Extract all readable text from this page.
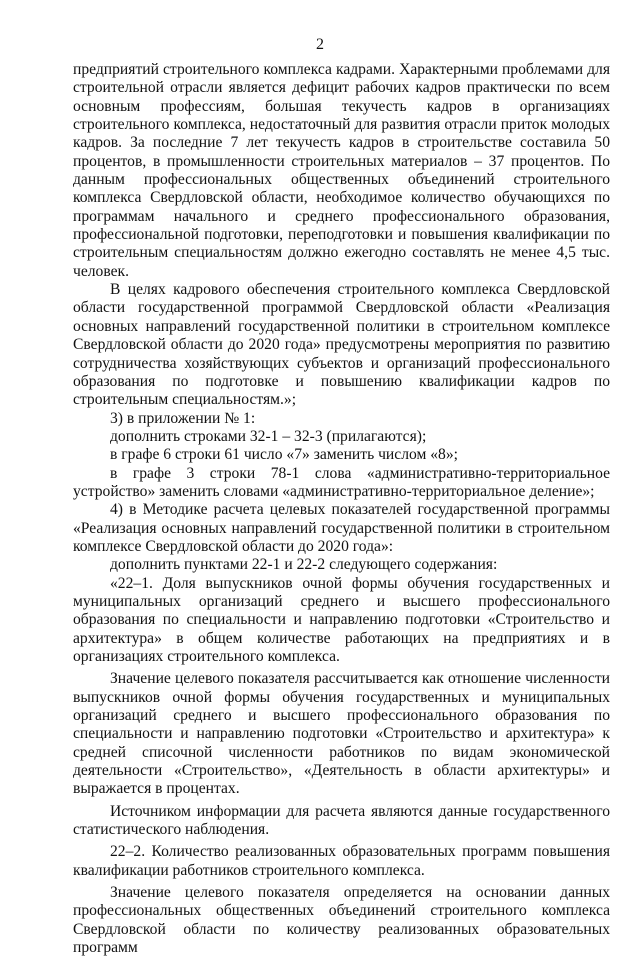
2

предприятий строительного комплекса кадрами. Характерными проблемами для строительной отрасли является дефицит рабочих кадров практически по всем основным профессиям, большая текучесть кадров в организациях строительного комплекса, недостаточный для развития отрасли приток молодых кадров. За последние 7 лет текучесть кадров в строительстве составила 50 процентов, в промышленности строительных материалов – 37 процентов. По данным профессиональных общественных объединений строительного комплекса Свердловской области, необходимое количество обучающихся по программам начального и среднего профессионального образования, профессиональной подготовки, переподготовки и повышения квалификации по строительным специальностям должно ежегодно составлять не менее 4,5 тыс. человек.

В целях кадрового обеспечения строительного комплекса Свердловской области государственной программой Свердловской области «Реализация основных направлений государственной политики в строительном комплексе Свердловской области до 2020 года» предусмотрены мероприятия по развитию сотрудничества хозяйствующих субъектов и организаций профессионального образования по подготовке и повышению квалификации кадров по строительным специальностям.»;

3) в приложении № 1:

дополнить строками 32-1 – 32-3 (прилагаются);

в графе 6 строки 61 число «7» заменить числом «8»;

в графе 3 строки 78-1 слова «административно-территориальное устройство» заменить словами «административно-территориальное деление»;

4) в Методике расчета целевых показателей государственной программы «Реализация основных направлений государственной политики в строительном комплексе Свердловской области до 2020 года»:

дополнить пунктами 22-1 и 22-2 следующего содержания:

«22–1. Доля выпускников очной формы обучения государственных и муниципальных организаций среднего и высшего профессионального образования по специальности и направлению подготовки «Строительство и архитектура» в общем количестве работающих на предприятиях и в организациях строительного комплекса.

Значение целевого показателя рассчитывается как отношение численности выпускников очной формы обучения государственных и муниципальных организаций среднего и высшего профессионального образования по специальности и направлению подготовки «Строительство и архитектура» к средней списочной численности работников по видам экономической деятельности «Строительство», «Деятельность в области архитектуры» и выражается в процентах.

Источником информации для расчета являются данные государственного статистического наблюдения.

22–2. Количество реализованных образовательных программ повышения квалификации работников строительного комплекса.

Значение целевого показателя определяется на основании данных профессиональных общественных объединений строительного комплекса Свердловской области по количеству реализованных образовательных программ
